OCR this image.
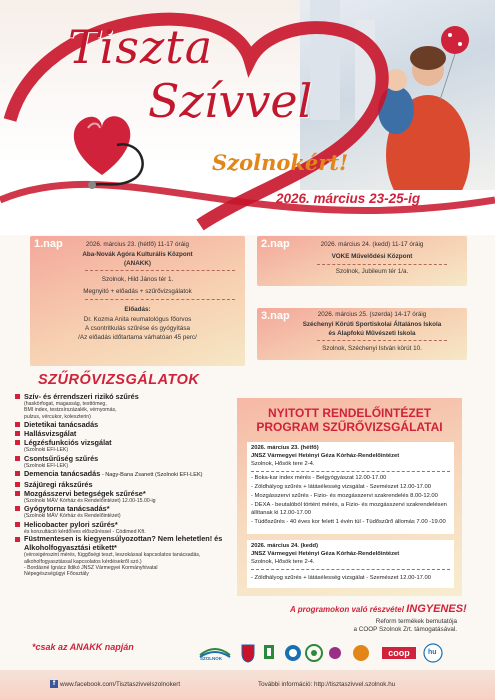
Tiszta
Szívvel
Szolnokért!
2026. március 23-25-ig
1.nap	2026. március 23. (hétfő) 11-17 óráig
Aba-Novák Agóra Kulturális Központ
(ANAKK)
Szolnok, Hild János tér 1.
Megnyitó + előadás + szűrővizsgálatok
Előadás:
Dr. Kozma Anita reumatológus főorvos
A csontritkulás szűrése és gyógyítása
/Az előadás időtartama várhatóan 45 perc/
2.nap	2026. március 24. (kedd) 11-17 óráig
VOKE Művelődési Központ
Szolnok, Jubileum tér 1/a.
3.nap	2026. március 25. (szerda) 14-17 óráig
Széchenyi Körúti Sportiskolai Általános Iskola
és Alapfokú Művészeti Iskola
Szolnok, Széchenyi István körút 10.
SZŰRŐVIZSGÁLATOK
Szív- és érrendszeri rizikó szűrés
(haskörfogat, magasság, testtömeg,
BMI index, testzsírszázalék, vérnyomás,
pulzus, vércukor, koleszterin)
Dietetikai tanácsadás
Hallásvizsgálat
Légzésfunkciós vizsgálat
(Szolnoki EFI-LEK)
Csontsűrűség szűrés
(Szolnoki EFI-LEK)
Demencia tanácsadás - Nagy-Bana Zsanett (Szolnoki EFI-LEK)
Szájüregi rákszűrés
Mozgásszervi betegségek szűrése*
(Szolnoki MÁV Kórház és Rendelőintézet) 12.00-15.00-ig
Gyógytorna tanácsadás*
(Szolnoki MÁV Kórház és Rendelőintézet)
Helicobacter pylori szűrés*
és konzultáció kérdőíves előszűréssel - Cödimed Kft.
Füstmentesen is kiegyensúlyozottan? Nem lehetetlen! és Alkoholfogyasztási etikett*
(véroxigénszint mérés, függőségi teszt, leszokással kapcsolatos tanácsadás,
alkoholfogyasztással kapcsolatos kérdésekről szó.)
- Bordásné Ignácz Ildikó JNSZ Vármegyei Kormányhivatal
Népegészségügyi Főosztály
*csak az ANAKK napján
NYITOTT RENDELŐINTÉZET
PROGRAM SZŰRŐVIZSGÁLATAI
2026. március 23. (hétfő)
JNSZ Vármegyei Hetényi Géza Kórház-Rendelőintézet
Szolnok, Hősök tere 2-4.
- Boka-kar index mérés - Belgyógyászat 12.00-17.00
- Zöldhályog szűrés + látásélesség vizsgálat - Szemészet 12.00-17.00
- Mozgásszervi szűrés - Fizio- és mozgásszervi szakrendelés 8.00-12.00
- DEXA - beutalóból történt mérés, a Fizio- és mozgásszervi szakrendelésen
állítanak ki 12.00-17.00
- Tüdőszűrés - 40 éves kor felett 1 évén túl - Tüdőszűrő állomás 7.00 -19.00
2026. március 24. (kedd)
JNSZ Vármegyei Hetényi Géza Kórház-Rendelőintézet
Szolnok, Hősök tere 2-4.
- Zöldhályog szűrés + látásélesség vizsgálat - Szemészet 12.00-17.00
A programokon való részvétel INGYENES!
Reform termékek bemutatója
a COOP Szolnok Zrt. támogatásával.
SZOLNOK
coop	hu
f www.facebook.com/Tisztaszivvelszolnokert	További információ: http://tisztaszivvel.szolnok.hu
